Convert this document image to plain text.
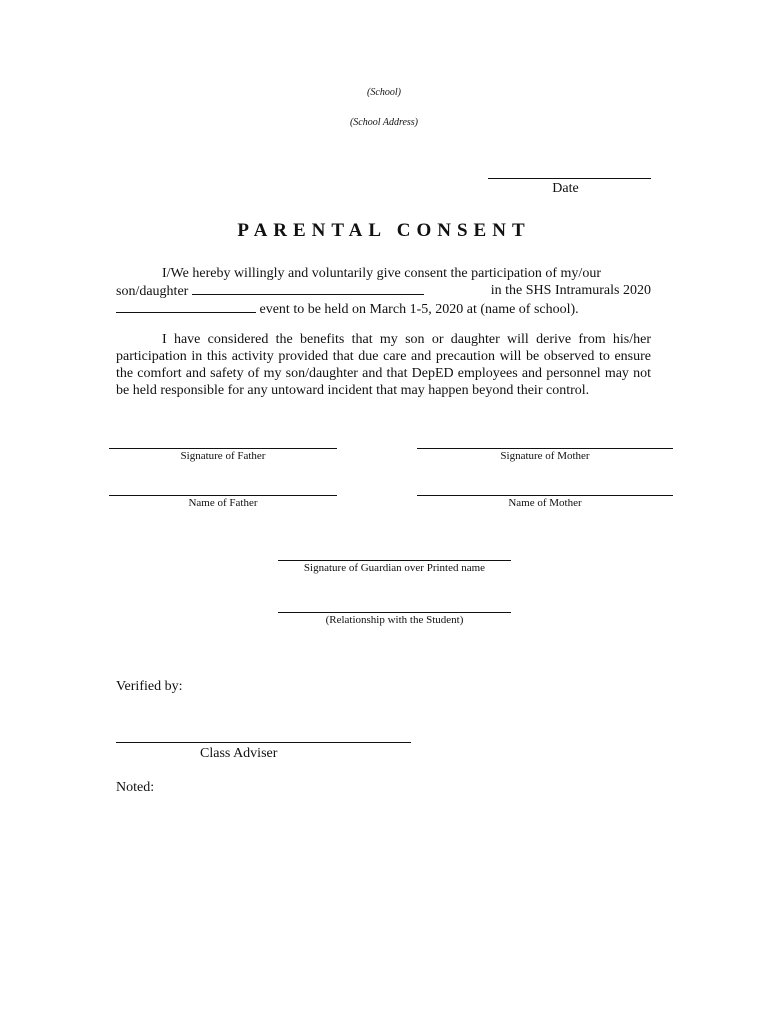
(School)
(School Address)
Date
PARENTAL CONSENT
I/We hereby willingly and voluntarily give consent the participation of my/our
son/daughter	in the SHS Intramurals 2020
event to be held on March 1-5, 2020 at (name of school).
I have considered the benefits that my son or daughter will derive from his/her participation in this activity provided that due care and precaution will be observed to ensure the comfort and safety of my son/daughter and that DepED employees and personnel may not be held responsible for any untoward incident that may happen beyond their control.
Signature of Father	Signature of Mother
Name of Father	Name of Mother
Signature of Guardian over Printed name
(Relationship with the Student)
Verified by:
Class Adviser
Noted:
